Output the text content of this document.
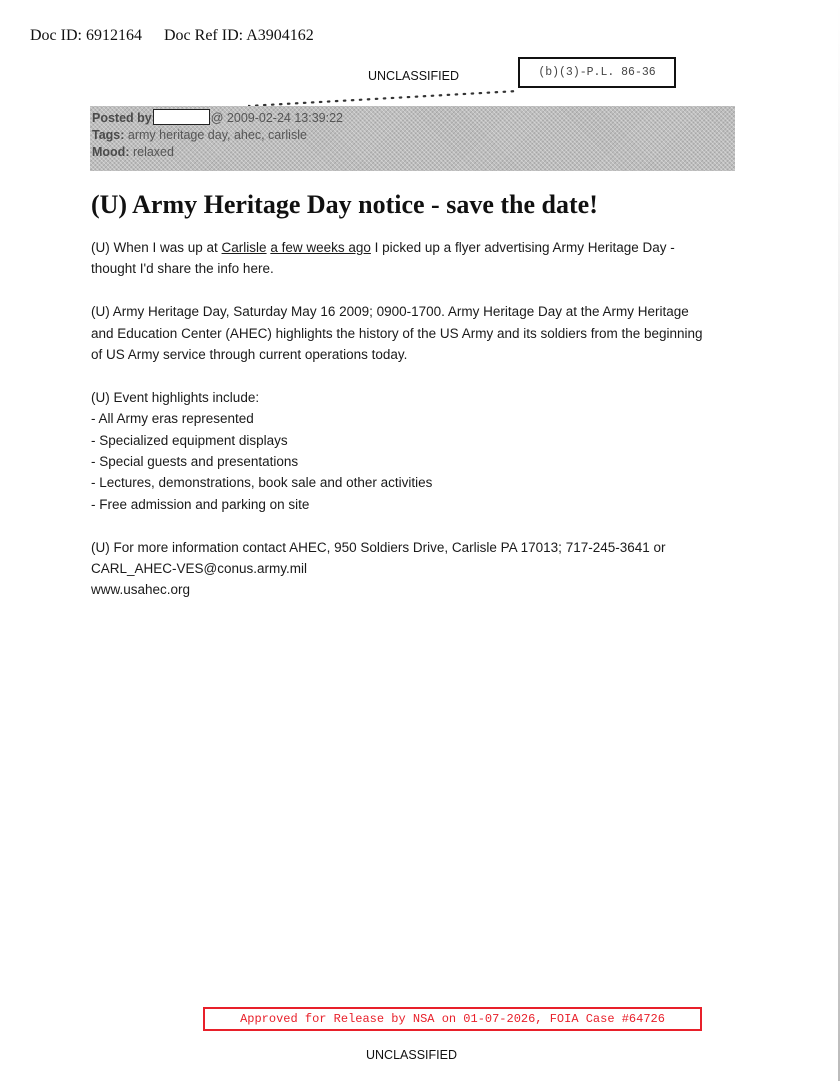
Doc ID: 6912164 Doc Ref ID: A3904162
UNCLASSIFIED	(b)(3)-P.L. 86-36
Posted by	@ 2009-02-24 13:39:22
Tags: army heritage day, ahec, carlisle
Mood: relaxed
(U) Army Heritage Day notice - save the date!

(U) When I was up at Carlisle a few weeks ago I picked up a flyer advertising Army Heritage Day -
thought I'd share the info here.

(U) Army Heritage Day, Saturday May 16 2009; 0900-1700. Army Heritage Day at the Army Heritage
and Education Center (AHEC) highlights the history of the US Army and its soldiers from the beginning
of US Army service through current operations today.

(U) Event highlights include:
- All Army eras represented
- Specialized equipment displays
- Special guests and presentations
- Lectures, demonstrations, book sale and other activities
- Free admission and parking on site

(U) For more information contact AHEC, 950 Soldiers Drive, Carlisle PA 17013; 717-245-3641 or
CARL_AHEC-VES@conus.army.mil
www.usahec.org

Approved for Release by NSA on 01-07-2026, FOIA Case #64726
UNCLASSIFIED
